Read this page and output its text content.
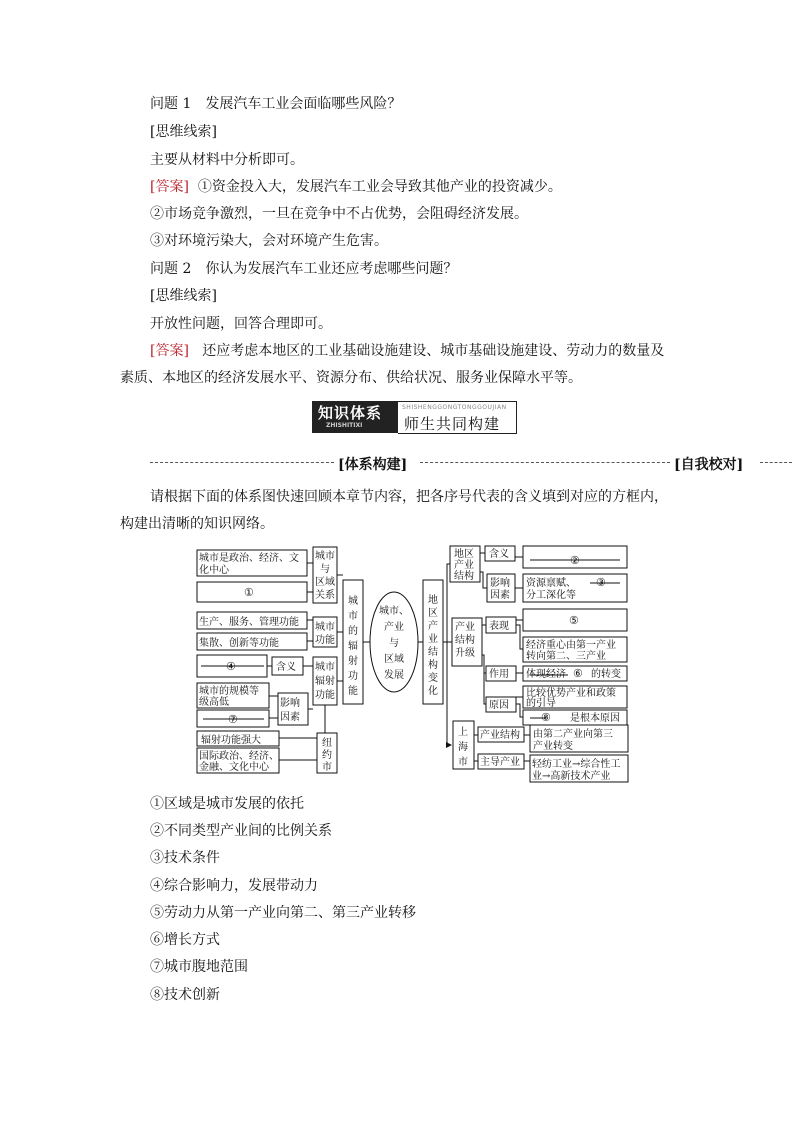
问题 1　发展汽车工业会面临哪些风险？
[思维线索]
主要从材料中分析即可。
[答案] ①资金投入大，发展汽车工业会导致其他产业的投资减少。
②市场竞争激烈，一旦在竞争中不占优势，会阻碍经济发展。
③对环境污染大，会对环境产生危害。
问题 2　你认为发展汽车工业还应考虑哪些问题？
[思维线索]
开放性问题，回答合理即可。
[答案] 还应考虑本地区的工业基础设施建设、城市基础设施建设、劳动力的数量及
素质、本地区的经济发展水平、资源分布、供给状况、服务业保障水平等。
知识体系
ZHISHITIXI
SHISHENGGONGTONGGOUJIAN
师生共同构建
[体系构建]	[自我校对]
请根据下面的体系图快速回顾本章节内容，把各序号代表的含义填到对应的方框内，
构建出清晰的知识网络。
城市是政治、经济、文
化中心
①
生产、服务、管理功能
集散、创新等功能
④	含义
城市的规模等
级高低
⑦
影响
因素
辐射功能强大
国际政治、经济、
金融、文化中心
城市
与
区域
关系
城市
功能
城市
辐射
功能
纽
约
市
城
市
的
辐
射
功
能
城市、
产业
与
区域
发展
地
区
产
业
结
构
变
化
地区
产业
结构
含义	②
影响
因素
资源禀赋、 ③
分工深化等
产业
结构
升级
表现	⑤
经济重心由第一产业
转向第二、三产业
作用 体现经济 ⑥ 的转变
原因
比较优势产业和政策
的引导
⑧ 是根本原因
上
海
市
产业结构 由第二产业向第三
产业转变
主导产业 轻纺工业→综合性工
业→高新技术产业
①区域是城市发展的依托
②不同类型产业间的比例关系
③技术条件
④综合影响力，发展带动力
⑤劳动力从第一产业向第二、第三产业转移
⑥增长方式
⑦城市腹地范围
⑧技术创新
